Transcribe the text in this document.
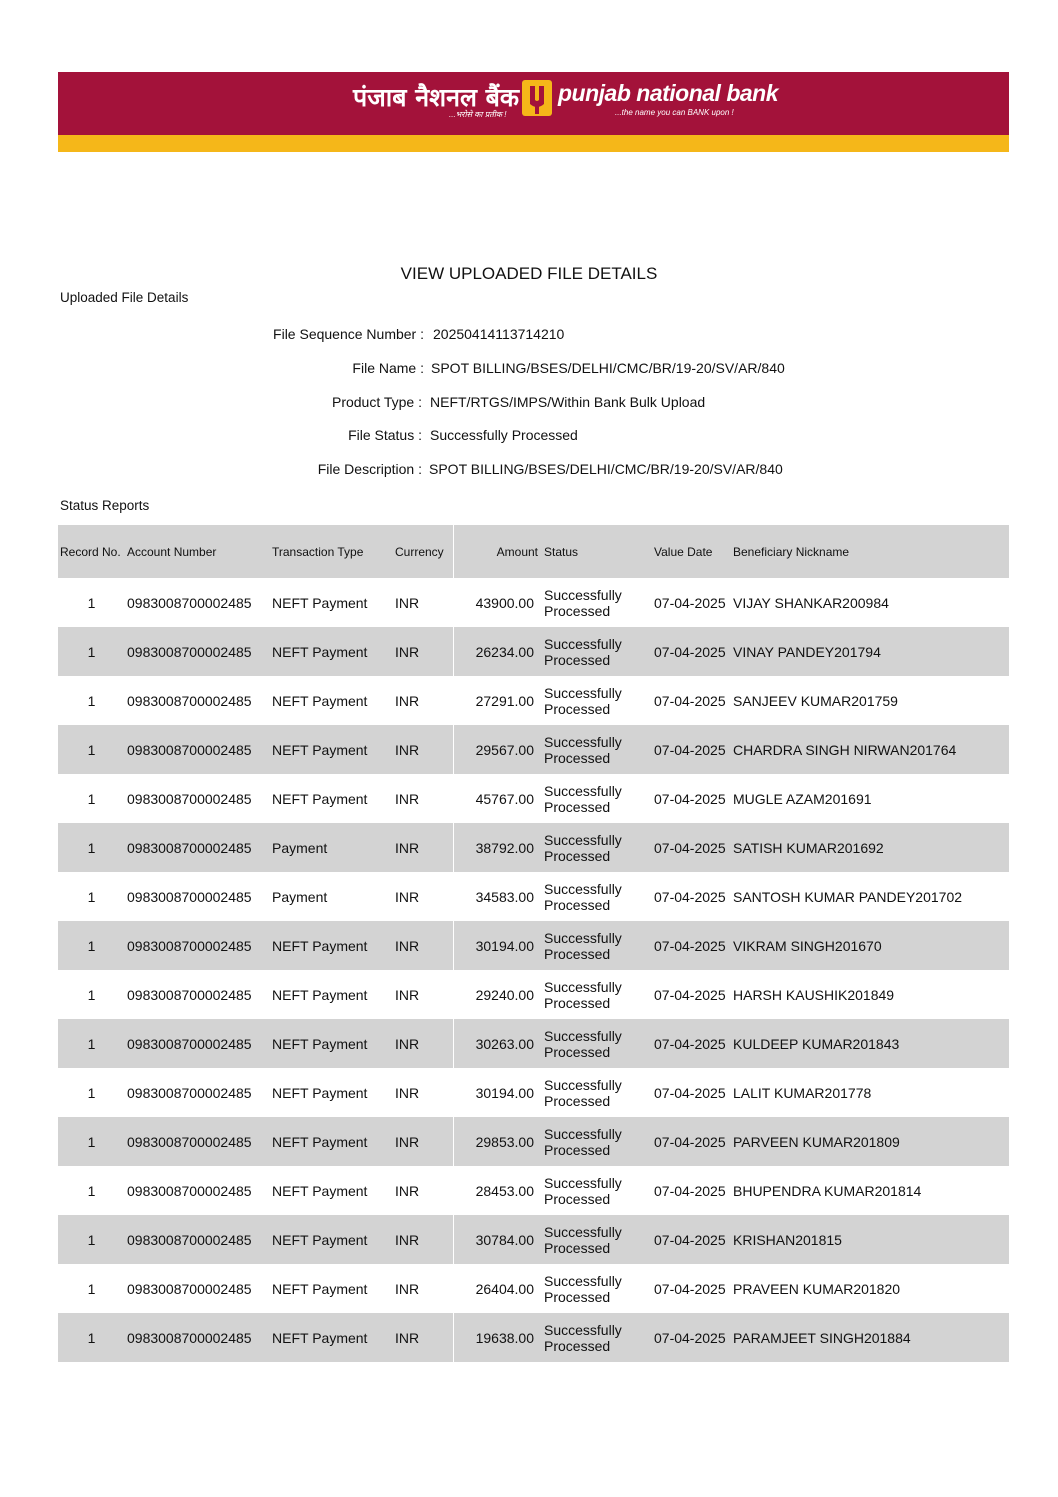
पंजाब नैशनल बैंक
...भरोसे का प्रतीक !
punjab national bank
...the name you can BANK upon !
VIEW UPLOADED FILE DETAILS
Uploaded File Details
File Sequence Number : 20250414113714210
File Name : SPOT BILLING/BSES/DELHI/CMC/BR/19-20/SV/AR/840
Product Type : NEFT/RTGS/IMPS/Within Bank Bulk Upload
File Status : Successfully Processed
File Description : SPOT BILLING/BSES/DELHI/CMC/BR/19-20/SV/AR/840
Status Reports
Record No.	Account Number	Transaction Type	Currency	Amount	Status	Value Date	Beneficiary Nickname
1	0983008700002485	NEFT Payment	INR	43900.00	Successfully Processed	07-04-2025	VIJAY SHANKAR200984
1	0983008700002485	NEFT Payment	INR	26234.00	Successfully Processed	07-04-2025	VINAY PANDEY201794
1	0983008700002485	NEFT Payment	INR	27291.00	Successfully Processed	07-04-2025	SANJEEV KUMAR201759
1	0983008700002485	NEFT Payment	INR	29567.00	Successfully Processed	07-04-2025	CHARDRA SINGH NIRWAN201764
1	0983008700002485	NEFT Payment	INR	45767.00	Successfully Processed	07-04-2025	MUGLE AZAM201691
1	0983008700002485	Payment	INR	38792.00	Successfully Processed	07-04-2025	SATISH KUMAR201692
1	0983008700002485	Payment	INR	34583.00	Successfully Processed	07-04-2025	SANTOSH KUMAR PANDEY201702
1	0983008700002485	NEFT Payment	INR	30194.00	Successfully Processed	07-04-2025	VIKRAM SINGH201670
1	0983008700002485	NEFT Payment	INR	29240.00	Successfully Processed	07-04-2025	HARSH KAUSHIK201849
1	0983008700002485	NEFT Payment	INR	30263.00	Successfully Processed	07-04-2025	KULDEEP KUMAR201843
1	0983008700002485	NEFT Payment	INR	30194.00	Successfully Processed	07-04-2025	LALIT KUMAR201778
1	0983008700002485	NEFT Payment	INR	29853.00	Successfully Processed	07-04-2025	PARVEEN KUMAR201809
1	0983008700002485	NEFT Payment	INR	28453.00	Successfully Processed	07-04-2025	BHUPENDRA KUMAR201814
1	0983008700002485	NEFT Payment	INR	30784.00	Successfully Processed	07-04-2025	KRISHAN201815
1	0983008700002485	NEFT Payment	INR	26404.00	Successfully Processed	07-04-2025	PRAVEEN KUMAR201820
1	0983008700002485	NEFT Payment	INR	19638.00	Successfully Processed	07-04-2025	PARAMJEET SINGH201884
